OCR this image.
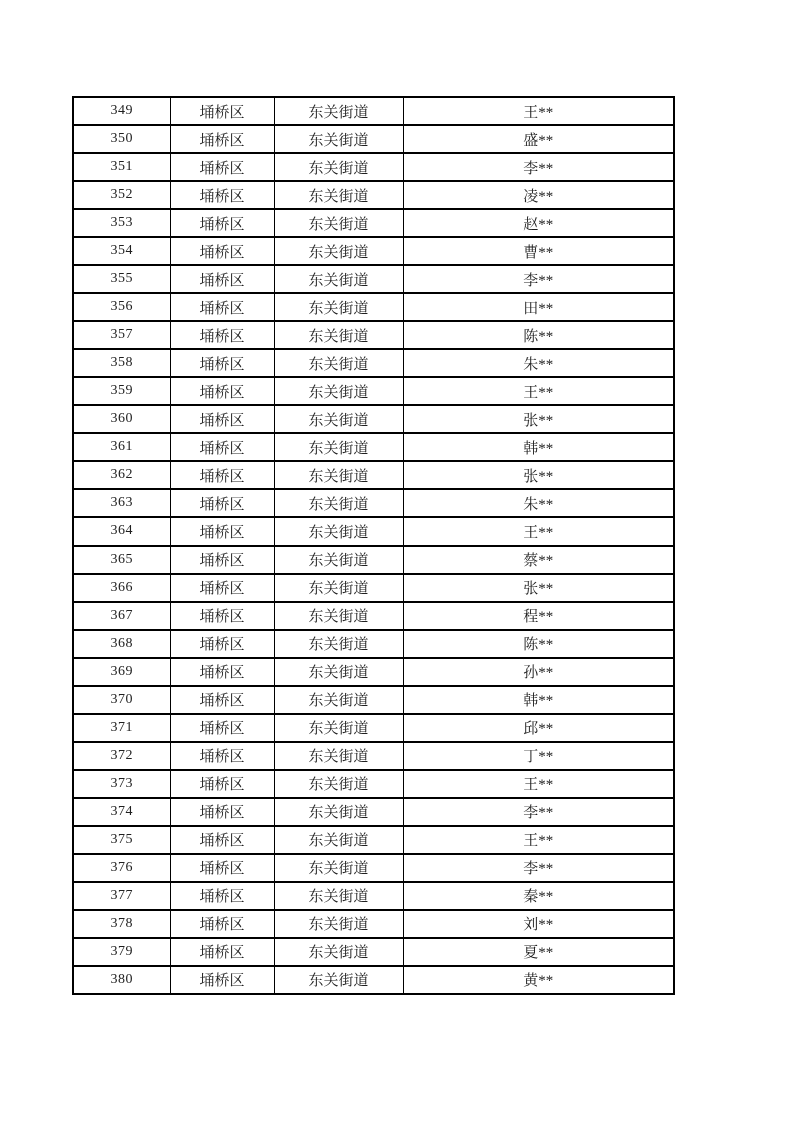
349	埇桥区	东关街道	王**
350	埇桥区	东关街道	盛**
351	埇桥区	东关街道	李**
352	埇桥区	东关街道	凌**
353	埇桥区	东关街道	赵**
354	埇桥区	东关街道	曹**
355	埇桥区	东关街道	李**
356	埇桥区	东关街道	田**
357	埇桥区	东关街道	陈**
358	埇桥区	东关街道	朱**
359	埇桥区	东关街道	王**
360	埇桥区	东关街道	张**
361	埇桥区	东关街道	韩**
362	埇桥区	东关街道	张**
363	埇桥区	东关街道	朱**
364	埇桥区	东关街道	王**
365	埇桥区	东关街道	蔡**
366	埇桥区	东关街道	张**
367	埇桥区	东关街道	程**
368	埇桥区	东关街道	陈**
369	埇桥区	东关街道	孙**
370	埇桥区	东关街道	韩**
371	埇桥区	东关街道	邱**
372	埇桥区	东关街道	丁**
373	埇桥区	东关街道	王**
374	埇桥区	东关街道	李**
375	埇桥区	东关街道	王**
376	埇桥区	东关街道	李**
377	埇桥区	东关街道	秦**
378	埇桥区	东关街道	刘**
379	埇桥区	东关街道	夏**
380	埇桥区	东关街道	黄**
